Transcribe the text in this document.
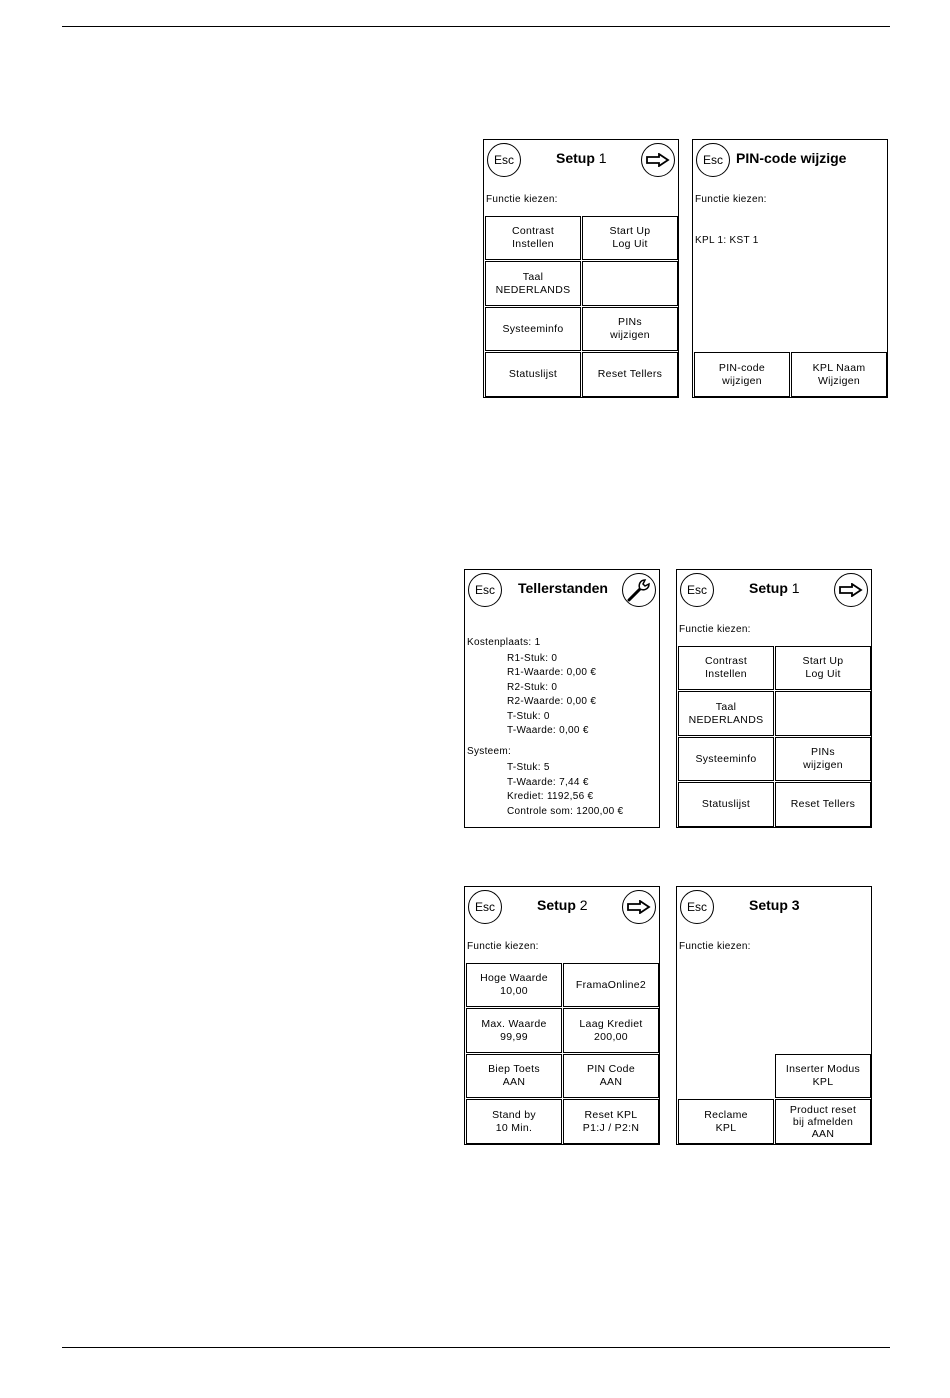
Esc	Setup 1
Functie kiezen:
Contrast
Instellen
Start Up
Log Uit
Taal
NEDERLANDS
Systeeminfo
PINs
wijzigen
Statuslijst	Reset Tellers
Esc PIN-code wijzige
Functie kiezen:
KPL 1: KST 1
PIN-code
wijzigen
KPL Naam
Wijzigen
Esc	Tellerstanden
Kostenplaats: 1
R1-Stuk: 0
R1-Waarde: 0,00 €
R2-Stuk: 0
R2-Waarde: 0,00 €
T-Stuk: 0
T-Waarde: 0,00 €
Systeem:
T-Stuk: 5
T-Waarde: 7,44 €
Krediet: 1192,56 €
Controle som: 1200,00 €
Esc	Setup 1
Functie kiezen:
Contrast
Instellen
Start Up
Log Uit
Taal
NEDERLANDS
Systeeminfo
PINs
wijzigen
Statuslijst	Reset Tellers
Esc	Setup 2
Functie kiezen:
Hoge Waarde
10,00
FramaOnline2
Max. Waarde
99,99
Laag Krediet
200,00
Biep Toets
AAN
PIN Code
AAN
Stand by
10 Min.
Reset KPL
P1:J / P2:N
Esc	Setup 3
Functie kiezen:
Inserter Modus
KPL
Reclame
KPL
Product reset
bij afmelden
AAN
